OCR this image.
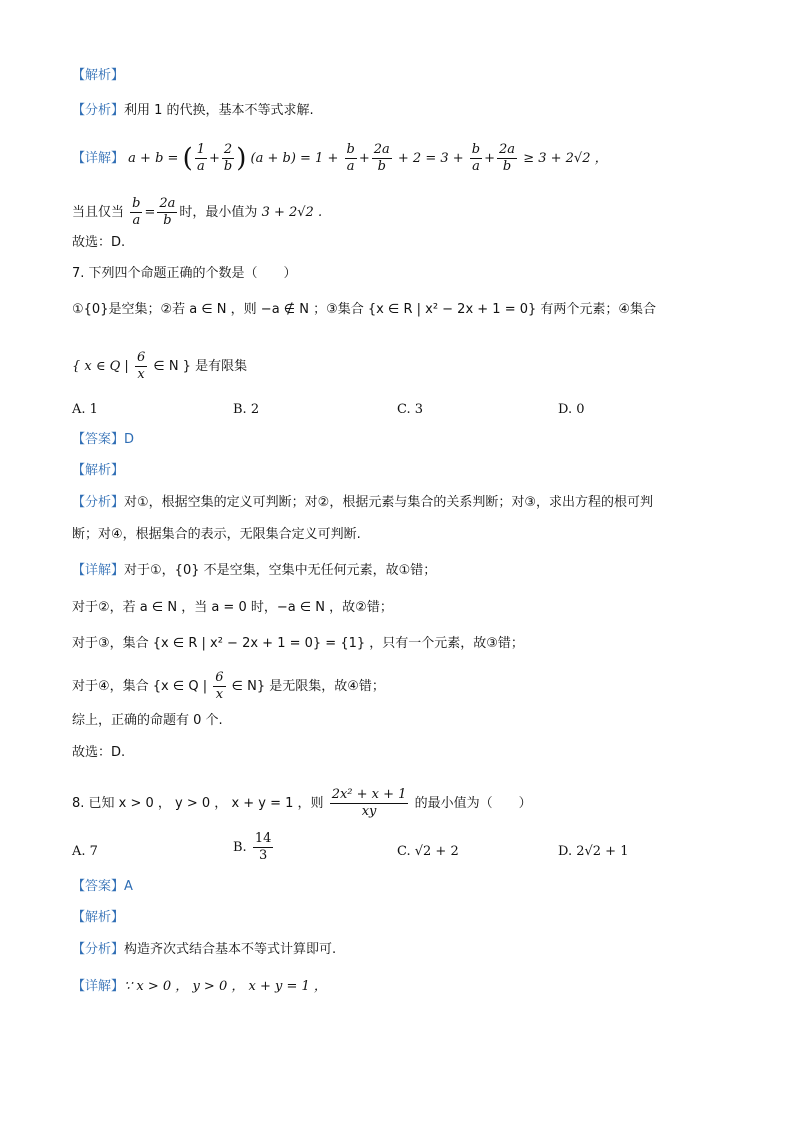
【解析】
【分析】利用 1 的代换，基本不等式求解.
【详解】 a + b = ( $\frac{1}{a} + \frac{2}{b}$ ) $(a + b) = 1 + \frac{b}{a} + \frac{2a}{b} + 2 = 3 + \frac{b}{a} + \frac{2a}{b} \ge 3 + 2√2$ ，
当且仅当 $\frac{b}{a} = \frac{2a}{b}$ 时，最小值为 3 + 2√2 .
故选：D.
7. 下列四个命题正确的个数是（　　）
①{0}是空集；②若 a ∈ N ，则 −a ∉ N ；③集合 {x ∈ R | x² − 2x + 1 = 0} 有两个元素；④集合
{ x ∈ Q | $\frac{6}{x}$ ∈ N } 是有限集
A. 1	B. 2	C. 3	D. 0
【答案】D
【解析】
【分析】对①，根据空集的定义可判断；对②，根据元素与集合的关系判断；对③，求出方程的根可判
断；对④，根据集合的表示，无限集合定义可判断.
【详解】对于①，{0} 不是空集，空集中无任何元素，故①错；
对于②，若 a ∈ N ，当 a = 0 时，−a ∈ N ，故②错；
对于③，集合 {x ∈ R | x² − 2x + 1 = 0} = {1} ，只有一个元素，故③错；
对于④，集合 {x ∈ Q | $\frac{6}{x}$ ∈ N} 是无限集，故④错；
综上，正确的命题有 0 个.
故选：D.
8. 已知 x > 0 ， y > 0 ， x + y = 1 ，则 $\frac{\text{2x² + x + 1}}{xy}$ 的最小值为（　　）
A. 7	B. $\frac{14}{3}$	C. √2 + 2	D. 2√2 + 1
【答案】A
【解析】
【分析】构造齐次式结合基本不等式计算即可.
【详解】∵ x > 0 ， y > 0 ， x + y = 1 ，
